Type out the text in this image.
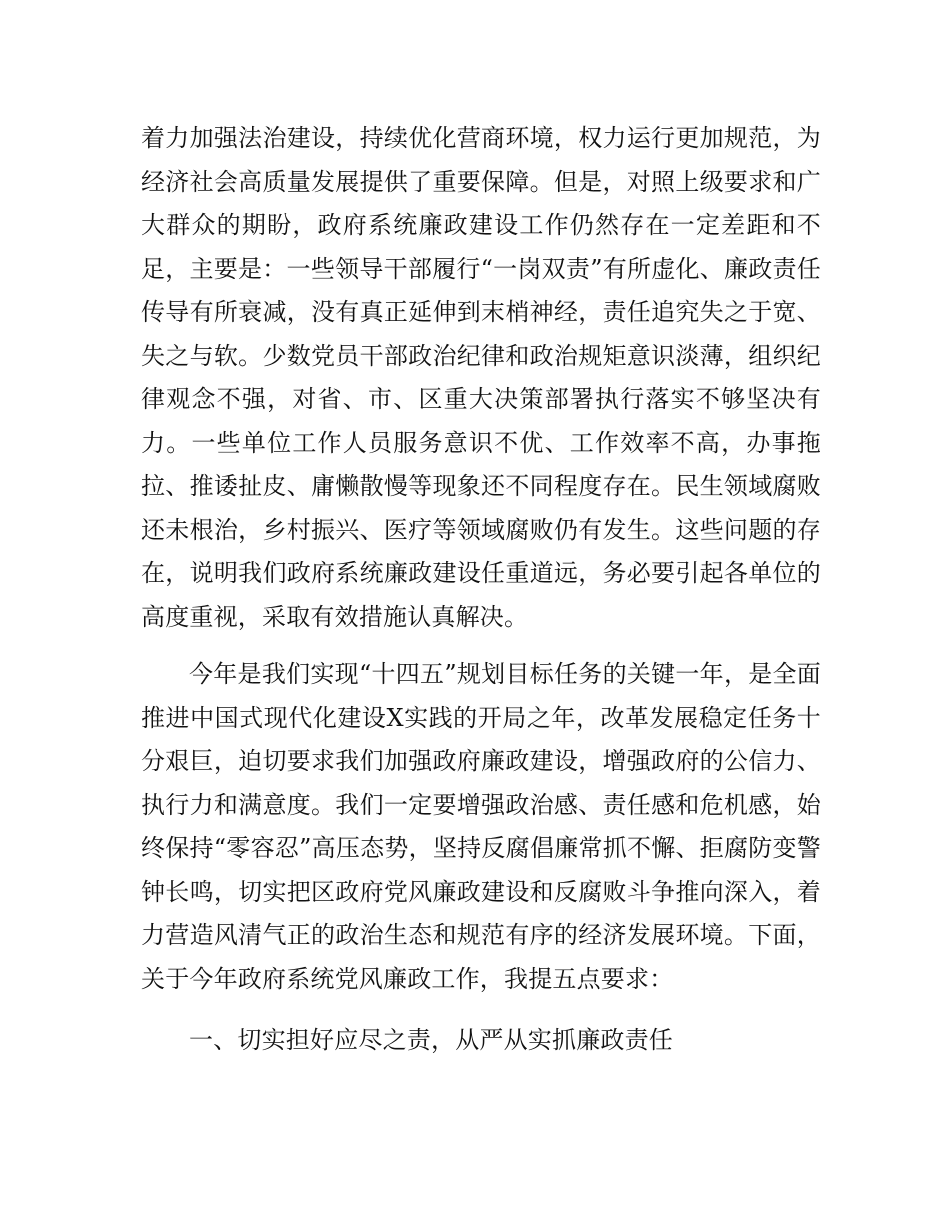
着力加强法治建设，持续优化营商环境，权力运行更加规范，为经济社会高质量发展提供了重要保障。但是，对照上级要求和广大群众的期盼，政府系统廉政建设工作仍然存在一定差距和不足，主要是：一些领导干部履行“一岗双责”有所虚化、廉政责任传导有所衰减，没有真正延伸到末梢神经，责任追究失之于宽、失之与软。少数党员干部政治纪律和政治规矩意识淡薄，组织纪律观念不强，对省、市、区重大决策部署执行落实不够坚决有力。一些单位工作人员服务意识不优、工作效率不高，办事拖拉、推诿扯皮、庸懒散慢等现象还不同程度存在。民生领域腐败还未根治，乡村振兴、医疗等领域腐败仍有发生。这些问题的存在，说明我们政府系统廉政建设任重道远，务必要引起各单位的高度重视，采取有效措施认真解决。

今年是我们实现“十四五”规划目标任务的关键一年，是全面推进中国式现代化建设X实践的开局之年，改革发展稳定任务十分艰巨，迫切要求我们加强政府廉政建设，增强政府的公信力、执行力和满意度。我们一定要增强政治感、责任感和危机感，始终保持“零容忍”高压态势，坚持反腐倡廉常抓不懈、拒腐防变警钟长鸣，切实把区政府党风廉政建设和反腐败斗争推向深入，着力营造风清气正的政治生态和规范有序的经济发展环境。下面，关于今年政府系统党风廉政工作，我提五点要求：

一、切实担好应尽之责，从严从实抓廉政责任
